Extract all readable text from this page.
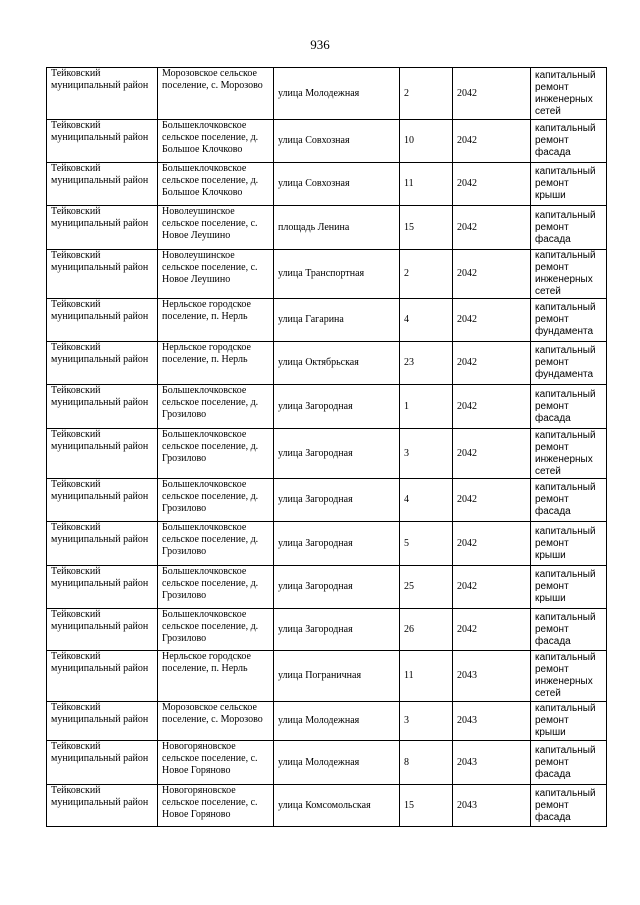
936
Тейковский муниципальный район	Морозовское сельское поселение, с. Морозово	улица Молодежная	2	2042	капитальный ремонт инженерных сетей
Тейковский муниципальный район	Большеклочковское сельское поселение, д. Большое Клочково	улица Совхозная	10	2042	капитальный ремонт фасада
Тейковский муниципальный район	Большеклочковское сельское поселение, д. Большое Клочково	улица Совхозная	11	2042	капитальный ремонт крыши
Тейковский муниципальный район	Новолеушинское сельское поселение, с. Новое Леушино	площадь Ленина	15	2042	капитальный ремонт фасада
Тейковский муниципальный район	Новолеушинское сельское поселение, с. Новое Леушино	улица Транспортная	2	2042	капитальный ремонт инженерных сетей
Тейковский муниципальный район	Нерльское городское поселение, п. Нерль	улица Гагарина	4	2042	капитальный ремонт фундамента
Тейковский муниципальный район	Нерльское городское поселение, п. Нерль	улица Октябрьская	23	2042	капитальный ремонт фундамента
Тейковский муниципальный район	Большеклочковское сельское поселение, д. Грозилово	улица Загородная	1	2042	капитальный ремонт фасада
Тейковский муниципальный район	Большеклочковское сельское поселение, д. Грозилово	улица Загородная	3	2042	капитальный ремонт инженерных сетей
Тейковский муниципальный район	Большеклочковское сельское поселение, д. Грозилово	улица Загородная	4	2042	капитальный ремонт фасада
Тейковский муниципальный район	Большеклочковское сельское поселение, д. Грозилово	улица Загородная	5	2042	капитальный ремонт крыши
Тейковский муниципальный район	Большеклочковское сельское поселение, д. Грозилово	улица Загородная	25	2042	капитальный ремонт крыши
Тейковский муниципальный район	Большеклочковское сельское поселение, д. Грозилово	улица Загородная	26	2042	капитальный ремонт фасада
Тейковский муниципальный район	Нерльское городское поселение, п. Нерль	улица Пограничная	11	2043	капитальный ремонт инженерных сетей
Тейковский муниципальный район	Морозовское сельское поселение, с. Морозово	улица Молодежная	3	2043	капитальный ремонт крыши
Тейковский муниципальный район	Новогоряновское сельское поселение, с. Новое Горяново	улица Молодежная	8	2043	капитальный ремонт фасада
Тейковский муниципальный район	Новогоряновское сельское поселение, с. Новое Горяново	улица Комсомольская	15	2043	капитальный ремонт фасада
